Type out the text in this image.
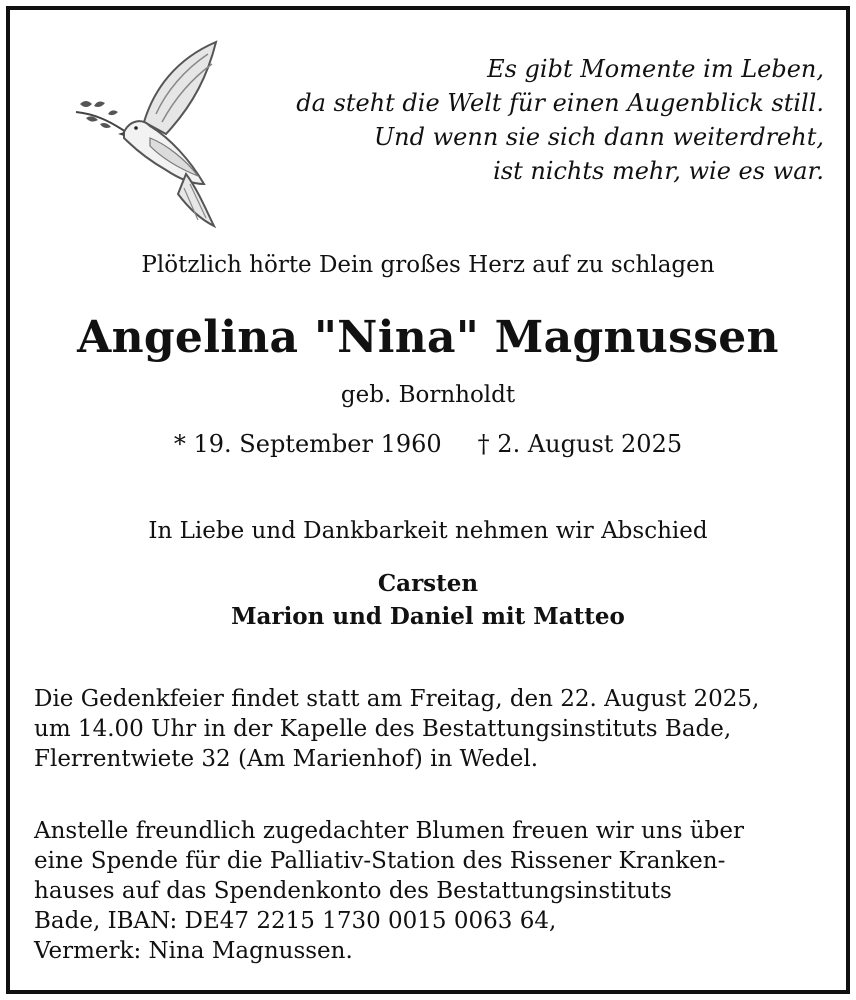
Es gibt Momente im Leben,
da steht die Welt für einen Augenblick still.
Und wenn sie sich dann weiterdreht,
ist nichts mehr, wie es war.
Plötzlich hörte Dein großes Herz auf zu schlagen
Angelina "Nina" Magnussen
geb. Bornholdt
* 19. September 1960 † 2. August 2025
In Liebe und Dankbarkeit nehmen wir Abschied
Carsten
Marion und Daniel mit Matteo
Die Gedenkfeier findet statt am Freitag, den 22. August 2025,
um 14.00 Uhr in der Kapelle des Bestattungsinstituts Bade,
Flerrentwiete 32 (Am Marienhof) in Wedel.
Anstelle freundlich zugedachter Blumen freuen wir uns über
eine Spende für die Palliativ-Station des Rissener Kranken-
hauses auf das Spendenkonto des Bestattungsinstituts
Bade, IBAN: DE47 2215 1730 0015 0063 64,
Vermerk: Nina Magnussen.
